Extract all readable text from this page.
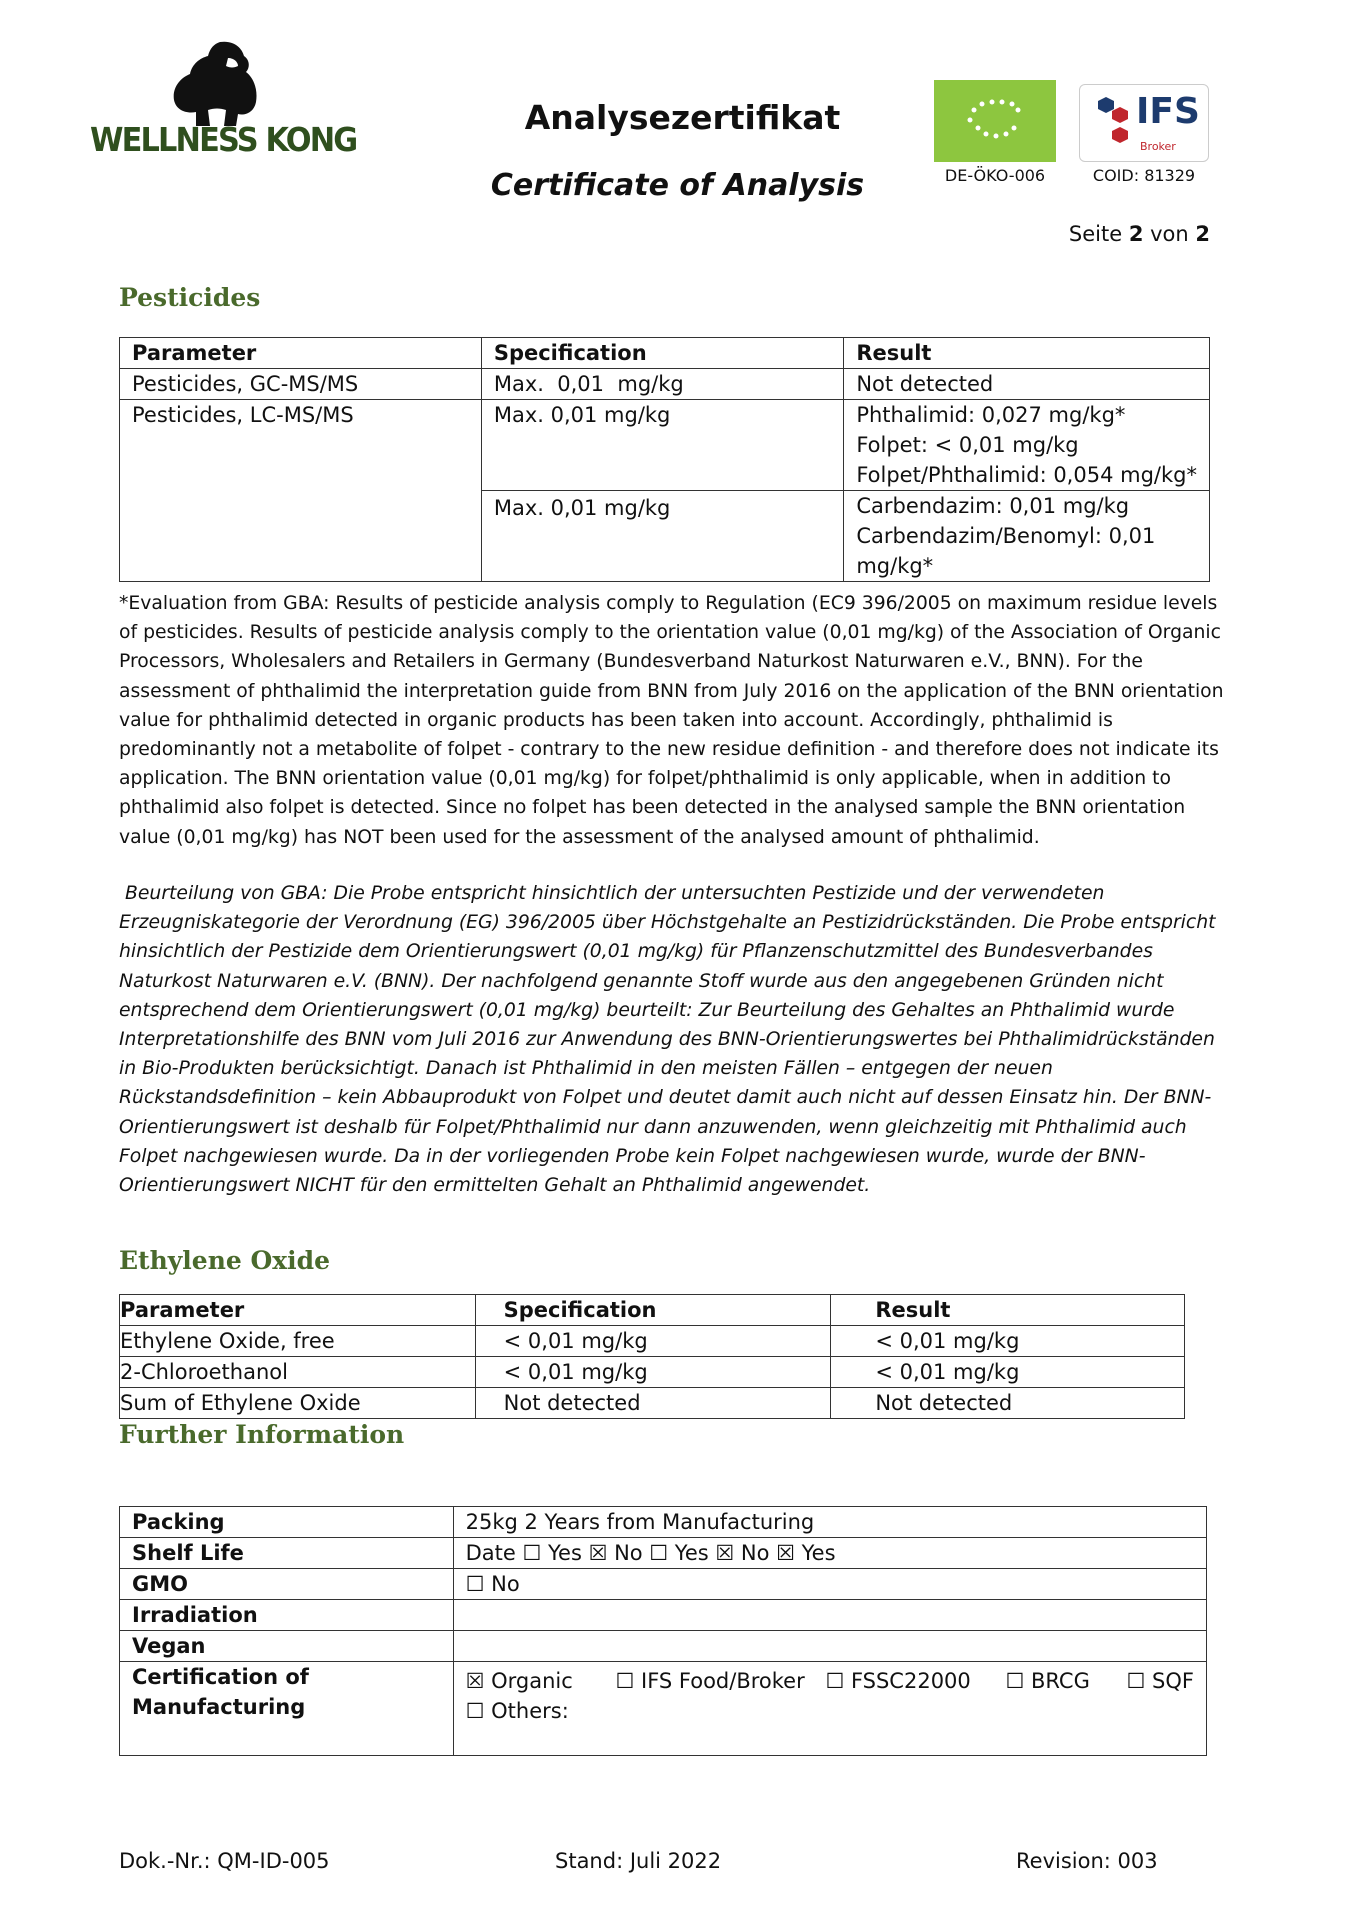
WELLNESS KONG
Analysezertifikat
Certificate of Analysis	DE-ÖKO-006
IFS
Broker
COID: 81329
Seite 2 von 2
Pesticides
Parameter	Specification	Result
Pesticides, GC-MS/MS	Max.  0,01  mg/kg	Not detected
Pesticides, LC-MS/MS	Max. 0,01 mg/kg	Phthalimid: 0,027 mg/kg*
Folpet: < 0,01 mg/kg
Folpet/Phthalimid: 0,054 mg/kg*

	Max. 0,01 mg/kg	Carbendazim: 0,01 mg/kg
Carbendazim/Benomyl: 0,01
mg/kg*
*Evaluation from GBA: Results of pesticide analysis comply to Regulation (EC9 396/2005 on maximum residue levels of pesticides. Results of pesticide analysis comply to the orientation value (0,01 mg/kg) of the Association of Organic Processors, Wholesalers and Retailers in Germany (Bundesverband Naturkost Naturwaren e.V., BNN). For the assessment of phthalimid the interpretation guide from BNN from July 2016 on the application of the BNN orientation value for phthalimid detected in organic products has been taken into account. Accordingly, phthalimid is predominantly not a metabolite of folpet - contrary to the new residue definition - and therefore does not indicate its application. The BNN orientation value (0,01 mg/kg) for folpet/phthalimid is only applicable, when in addition to phthalimid also folpet is detected. Since no folpet has been detected in the analysed sample the BNN orientation value (0,01 mg/kg) has NOT been used for the assessment of the analysed amount of phthalimid.
Beurteilung von GBA: Die Probe entspricht hinsichtlich der untersuchten Pestizide und der verwendeten Erzeugniskategorie der Verordnung (EG) 396/2005 über Höchstgehalte an Pestizidrückständen. Die Probe entspricht hinsichtlich der Pestizide dem Orientierungswert (0,01 mg/kg) für Pflanzenschutzmittel des Bundesverbandes Naturkost Naturwaren e.V. (BNN). Der nachfolgend genannte Stoff wurde aus den angegebenen Gründen nicht entsprechend dem Orientierungswert (0,01 mg/kg) beurteilt: Zur Beurteilung des Gehaltes an Phthalimid wurde Interpretationshilfe des BNN vom Juli 2016 zur Anwendung des BNN-Orientierungswertes bei Phthalimidrückständen in Bio-Produkten berücksichtigt. Danach ist Phthalimid in den meisten Fällen – entgegen der neuen Rückstandsdefinition – kein Abbauprodukt von Folpet und deutet damit auch nicht auf dessen Einsatz hin. Der BNN-Orientierungswert ist deshalb für Folpet/Phthalimid nur dann anzuwenden, wenn gleichzeitig mit Phthalimid auch Folpet nachgewiesen wurde. Da in der vorliegenden Probe kein Folpet nachgewiesen wurde, wurde der BNN-Orientierungswert NICHT für den ermittelten Gehalt an Phthalimid angewendet.
Ethylene Oxide
Parameter	Specification	Result
Ethylene Oxide, free	< 0,01 mg/kg	< 0,01 mg/kg
2-Chloroethanol	< 0,01 mg/kg	< 0,01 mg/kg
Sum of Ethylene Oxide	Not detected	Not detected
Further Information
Packing	25kg 2 Years from Manufacturing
Shelf Life	Date ☐ Yes ☒ No ☐ Yes ☒ No ☒ Yes
GMO	☐ No
Irradiation	
Vegan	
Certification of Manufacturing	☒ Organic ☐ IFS Food/Broker ☐ FSSC22000 ☐ BRCG ☐ SQF
☐ Others:
Dok.-Nr.: QM-ID-005	Stand: Juli 2022	Revision: 003
